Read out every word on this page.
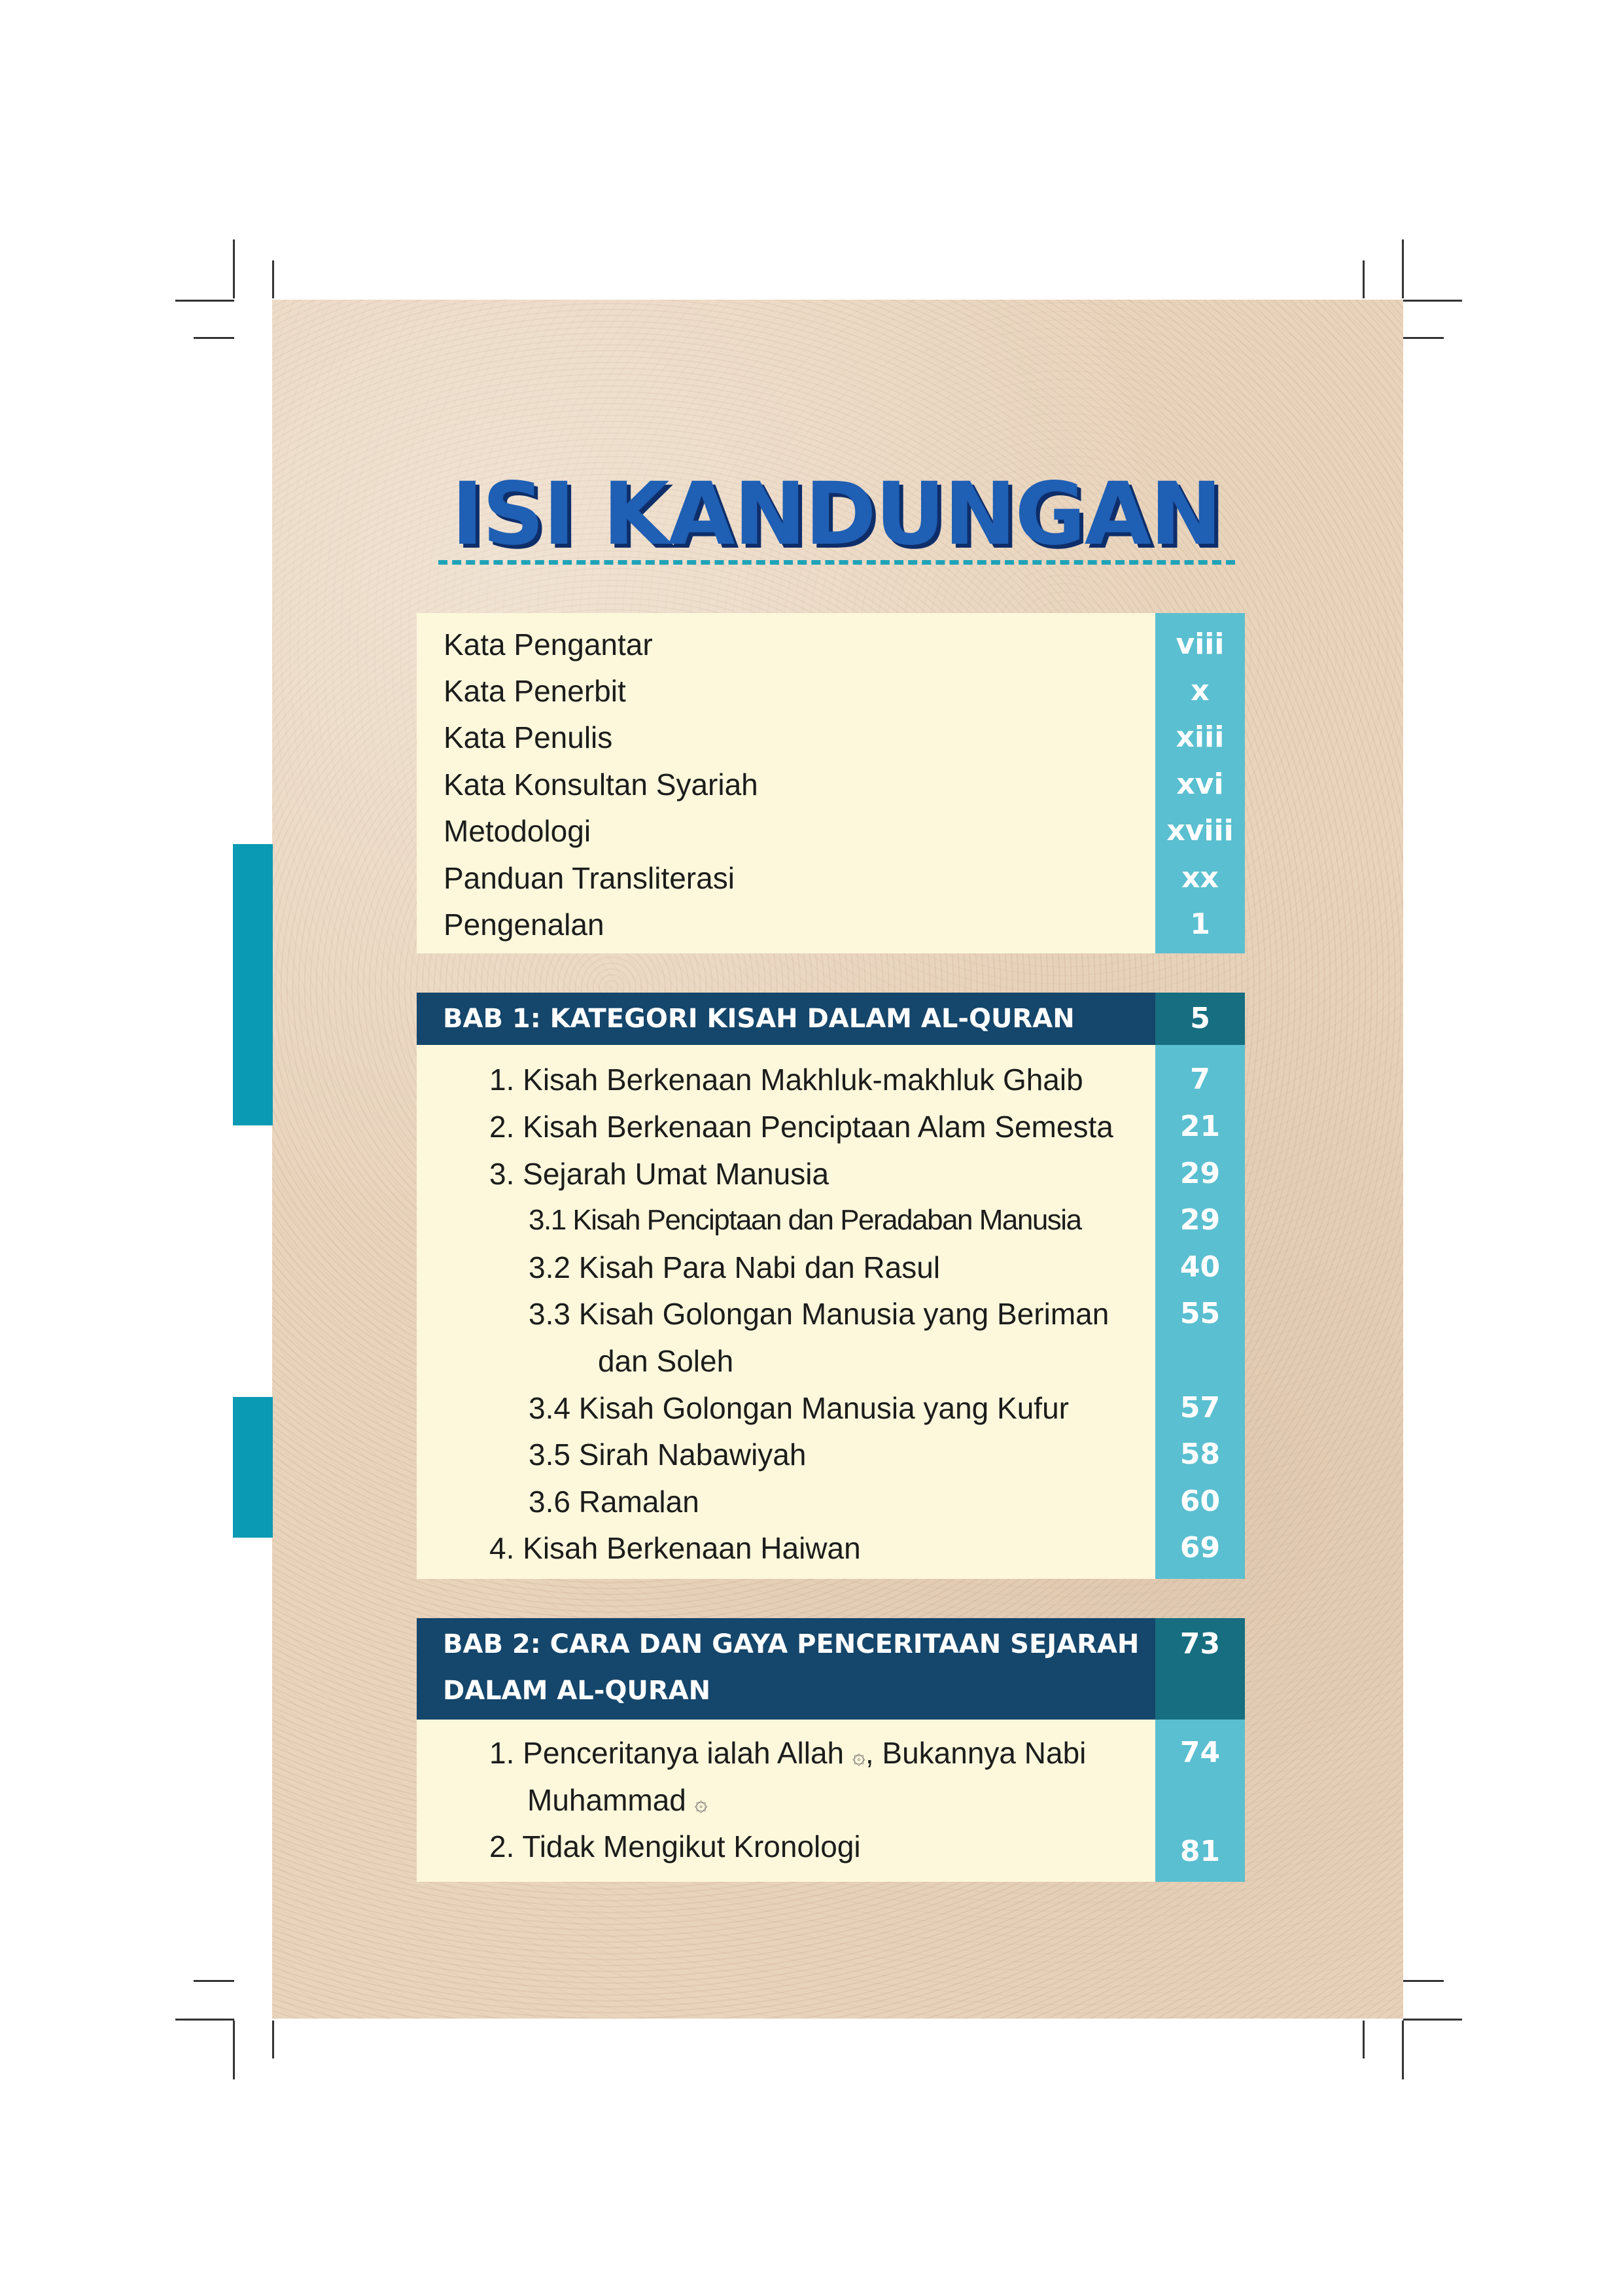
ISI KANDUNGAN
Kata Pengantar	viii
Kata Penerbit	x
Kata Penulis	xiii
Kata Konsultan Syariah	xvi
Metodologi	xviii
Panduan Transliterasi	xx
Pengenalan	1
BAB 1: KATEGORI KISAH DALAM AL-QURAN	5
1. Kisah Berkenaan Makhluk-makhluk Ghaib	7
2. Kisah Berkenaan Penciptaan Alam Semesta	21
3. Sejarah Umat Manusia	29
3.1 Kisah Penciptaan dan Peradaban Manusia	29
3.2 Kisah Para Nabi dan Rasul	40
3.3 Kisah Golongan Manusia yang Beriman	55
dan Soleh
3.4 Kisah Golongan Manusia yang Kufur	57
3.5 Sirah Nabawiyah	58
3.6 Ramalan	60
4. Kisah Berkenaan Haiwan	69
BAB 2: CARA DAN GAYA PENCERITAAN SEJARAH
DALAM AL-QURAN
73
1. Penceritanya ialah Allah ۞, Bukannya Nabi	74
Muhammad ۞
2. Tidak Mengikut Kronologi	81
